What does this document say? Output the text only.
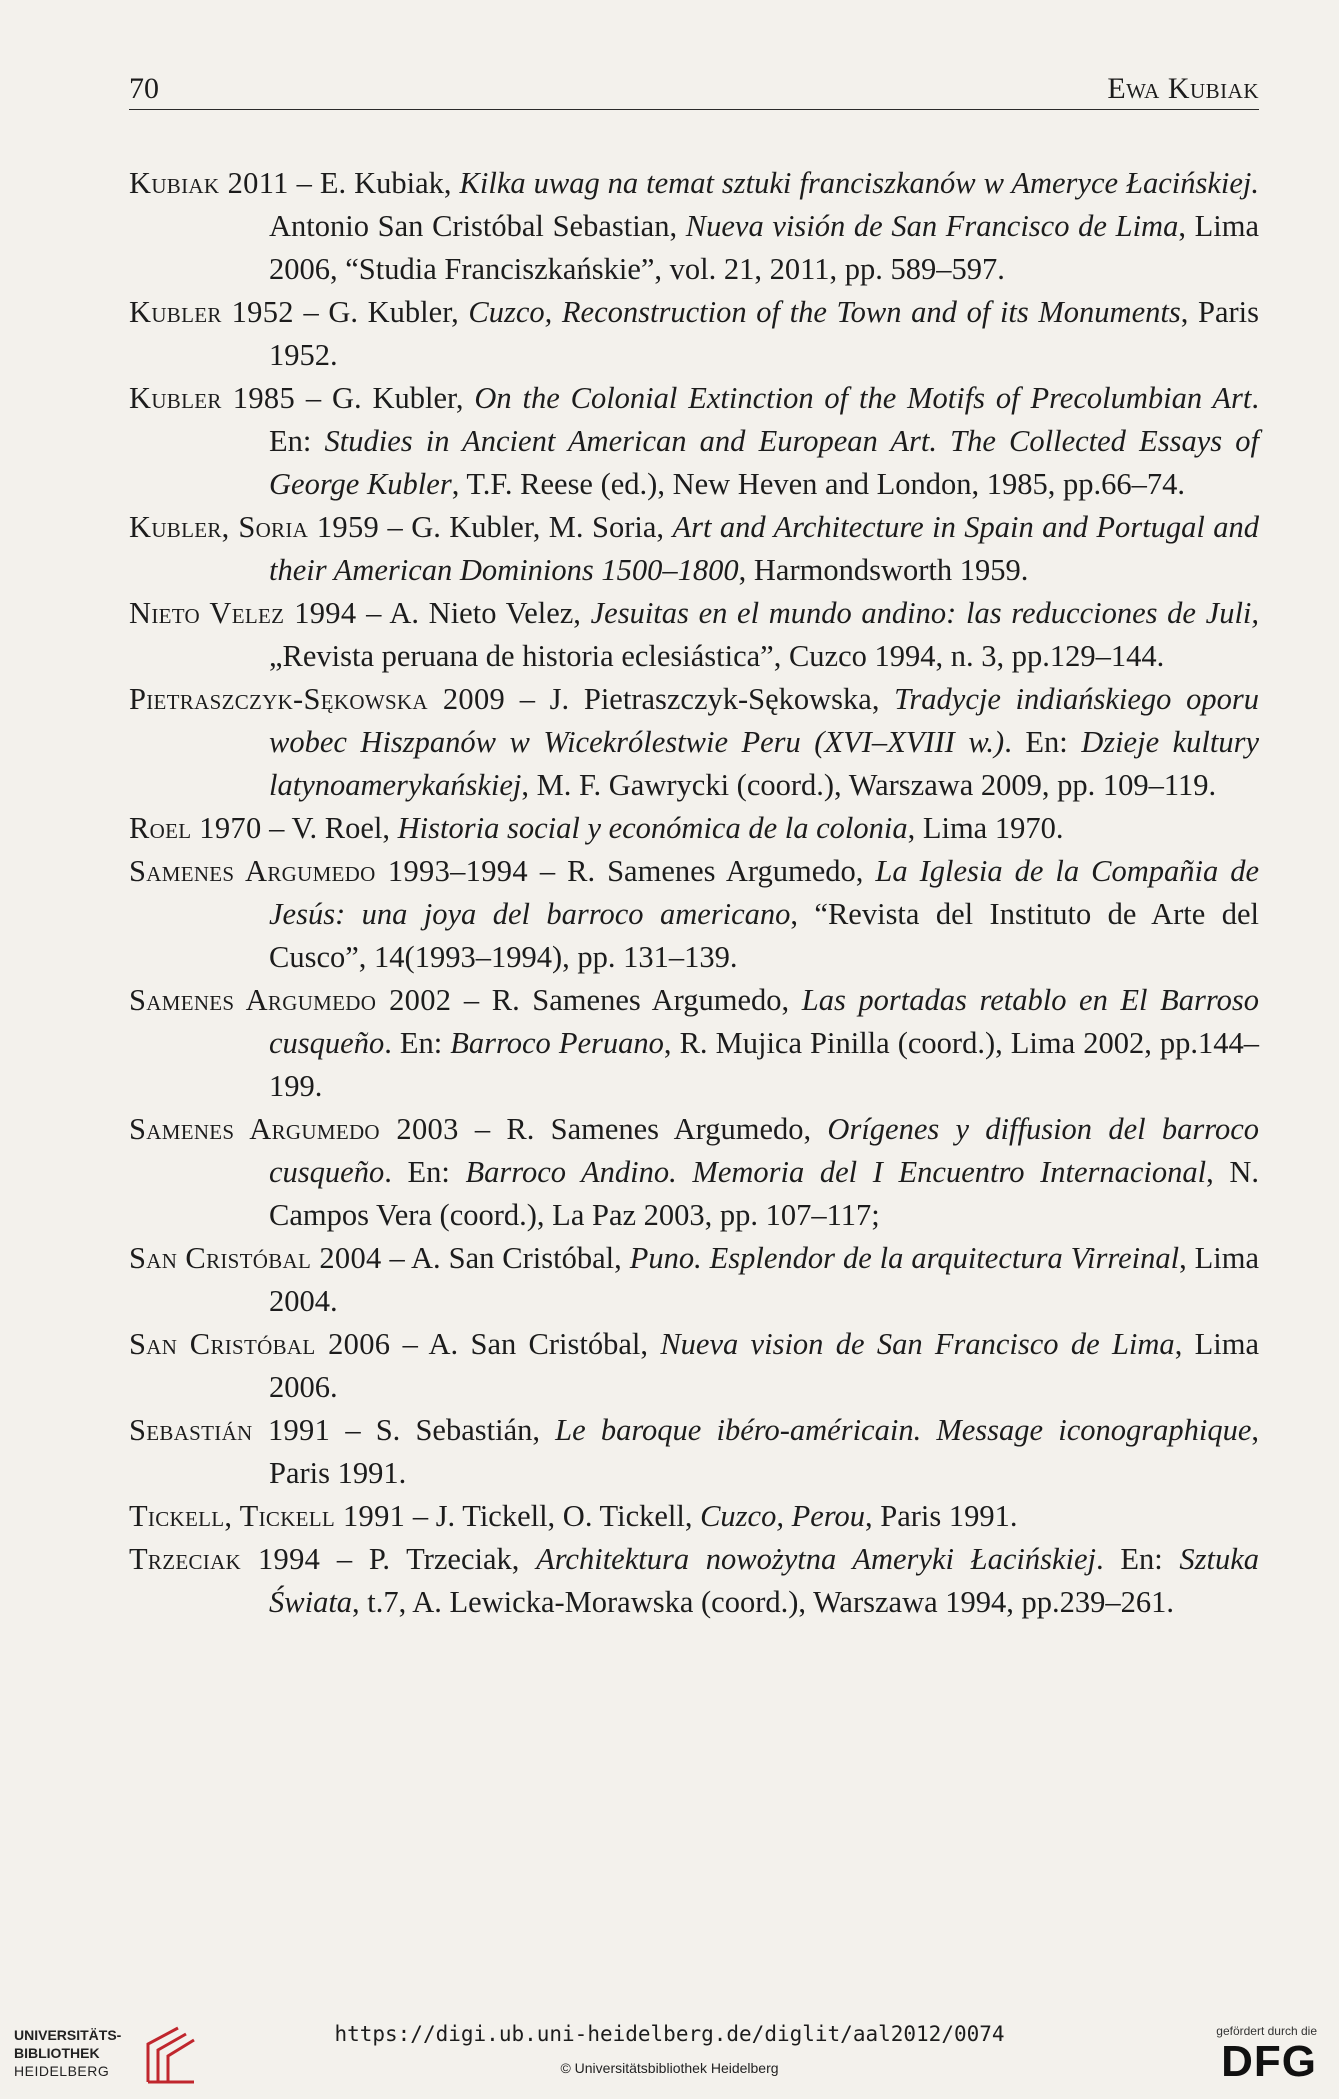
70	Ewa Kubiak
Kubiak 2011 – E. Kubiak, Kilka uwag na temat sztuki franciszkanów w Ameryce Łacińskiej. Antonio San Cristóbal Sebastian, Nueva visión de San Francisco de Lima, Lima 2006, “Studia Franciszkańskie”, vol. 21, 2011, pp. 589–597.
Kubler 1952 – G. Kubler, Cuzco, Reconstruction of the Town and of its Monuments, Paris 1952.
Kubler 1985 – G. Kubler, On the Colonial Extinction of the Motifs of Precolumbian Art. En: Studies in Ancient American and European Art. The Collected Essays of George Kubler, T.F. Reese (ed.), New Heven and London, 1985, pp.66–74.
Kubler, Soria 1959 – G. Kubler, M. Soria, Art and Architecture in Spain and Portugal and their American Dominions 1500–1800, Harmondsworth 1959.
Nieto Velez 1994 – A. Nieto Velez, Jesuitas en el mundo andino: las reducciones de Juli, „Revista peruana de historia eclesiástica”, Cuzco 1994, n. 3, pp.129–144.
Pietraszczyk-Sękowska 2009 – J. Pietraszczyk-Sękowska, Tradycje indiańskiego oporu wobec Hiszpanów w Wicekrólestwie Peru (XVI–XVIII w.). En: Dzieje kultury latynoamerykańskiej, M. F. Gawrycki (coord.), Warszawa 2009, pp. 109–119.
Roel 1970 – V. Roel, Historia social y económica de la colonia, Lima 1970.
Samenes Argumedo 1993–1994 – R. Samenes Argumedo, La Iglesia de la Compañia de Jesús: una joya del barroco americano, “Revista del Instituto de Arte del Cusco”, 14(1993–1994), pp. 131–139.
Samenes Argumedo 2002 – R. Samenes Argumedo, Las portadas retablo en El Barroso cusqueño. En: Barroco Peruano, R. Mujica Pinilla (coord.), Lima 2002, pp.144–199.
Samenes Argumedo 2003 – R. Samenes Argumedo, Orígenes y diffusion del barroco cusqueño. En: Barroco Andino. Memoria del I Encuentro Internacional, N. Campos Vera (coord.), La Paz 2003, pp. 107–117;
San Cristóbal 2004 – A. San Cristóbal, Puno. Esplendor de la arquitectura Virreinal, Lima 2004.
San Cristóbal 2006 – A. San Cristóbal, Nueva vision de San Francisco de Lima, Lima 2006.
Sebastián 1991 – S. Sebastián, Le baroque ibéro-américain. Message iconographique, Paris 1991.
Tickell, Tickell 1991 – J. Tickell, O. Tickell, Cuzco, Perou, Paris 1991.
Trzeciak 1994 – P. Trzeciak, Architektura nowożytna Ameryki Łacińskiej. En: Sztuka Świata, t.7, A. Lewicka-Morawska (coord.), Warszawa 1994, pp.239–261.
UNIVERSITÄTS-
BIBLIOTHEK
HEIDELBERG
https://digi.ub.uni-heidelberg.de/diglit/aal2012/0074
© Universitätsbibliothek Heidelberg
gefördert durch die
DFG
